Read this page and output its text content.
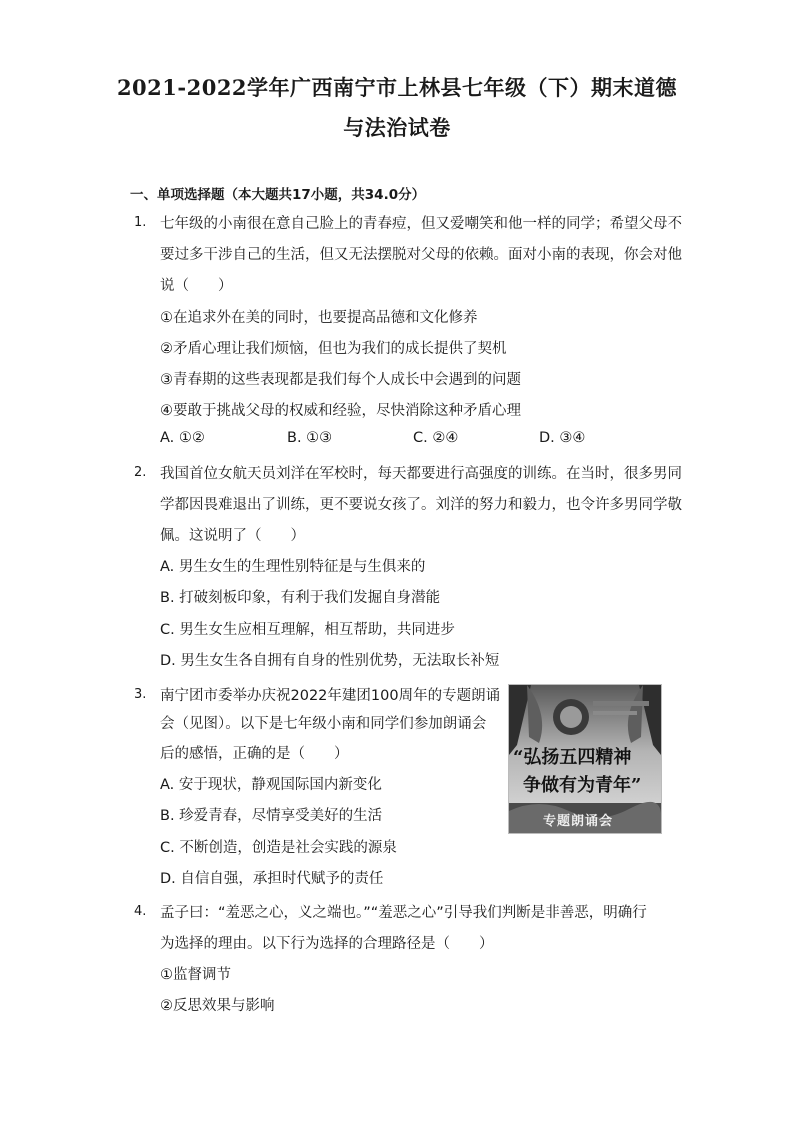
2021-2022学年广西南宁市上林县七年级（下）期末道德
与法治试卷
一、单项选择题（本大题共17小题，共34.0分）
1. 七年级的小南很在意自己脸上的青春痘，但又爱嘲笑和他一样的同学；希望父母不
要过多干涉自己的生活，但又无法摆脱对父母的依赖。面对小南的表现，你会对他
说（　　）
①在追求外在美的同时，也要提高品德和文化修养
②矛盾心理让我们烦恼，但也为我们的成长提供了契机
③青春期的这些表现都是我们每个人成长中会遇到的问题
④要敢于挑战父母的权威和经验，尽快消除这种矛盾心理
A. ①②	B. ①③	C. ②④	D. ③④
2. 我国首位女航天员刘洋在军校时，每天都要进行高强度的训练。在当时，很多男同
学都因畏难退出了训练，更不要说女孩了。刘洋的努力和毅力，也令许多男同学敬
佩。这说明了（　　）
A. 男生女生的生理性别特征是与生俱来的
B. 打破刻板印象，有利于我们发掘自身潜能
C. 男生女生应相互理解，相互帮助，共同进步
D. 男生女生各自拥有自身的性别优势，无法取长补短
3. 南宁团市委举办庆祝2022年建团100周年的专题朗诵
会（见图）。以下是七年级小南和同学们参加朗诵会
后的感悟，正确的是（　　）
A. 安于现状，静观国际国内新变化
B. 珍爱青春，尽情享受美好的生活
C. 不断创造，创造是社会实践的源泉
D. 自信自强，承担时代赋予的责任
“弘扬五四精神
争做有为青年”
专题朗诵会
4. 孟子曰：“羞恶之心，义之端也。”“羞恶之心”引导我们判断是非善恶，明确行
为选择的理由。以下行为选择的合理路径是（　　）
①监督调节
②反思效果与影响
